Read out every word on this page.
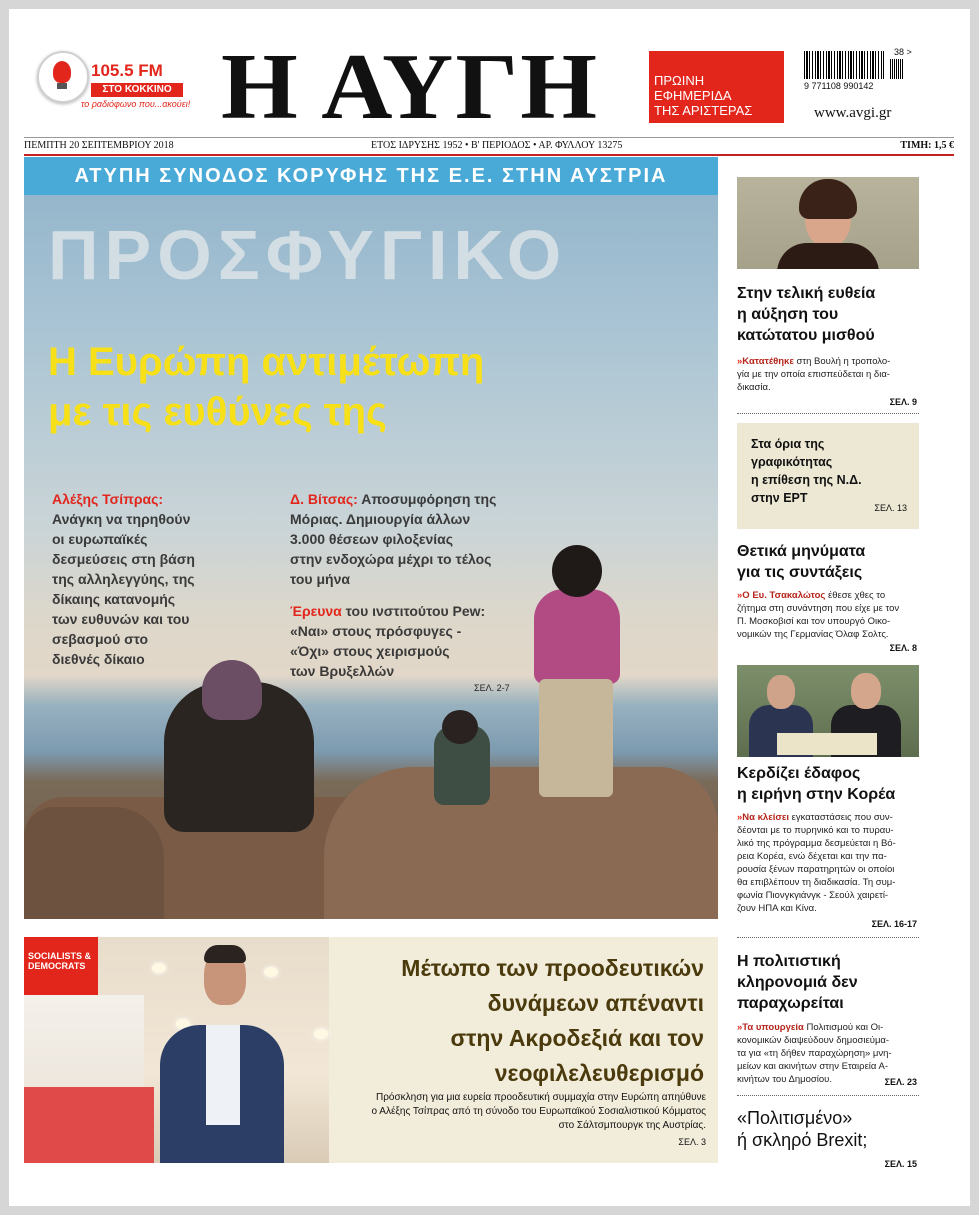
105.5 FM
ΣΤΟ ΚΟΚΚΙΝΟ
το ραδιόφωνο που...ακούει! Η ΑΥΓΗ	ΠΡΩΙΝΗ
ΕΦΗΜΕΡΙΔΑ
ΤΗΣ ΑΡΙΣΤΕΡΑΣ
38 >
9 771108 990142
www.avgi.gr
ΠΕΜΠΤΗ 20 ΣΕΠΤΕΜΒΡΙΟΥ 2018	ΕΤΟΣ ΙΔΡΥΣΗΣ 1952 • Β' ΠΕΡΙΟΔΟΣ • ΑΡ. ΦΥΛΛΟΥ 13275	ΤΙΜΗ: 1,5 €
ΑΤΥΠΗ ΣΥΝΟΔΟΣ ΚΟΡΥΦΗΣ ΤΗΣ Ε.Ε. ΣΤΗΝ ΑΥΣΤΡΙΑ
ΠΡΟΣΦΥΓΙΚΟ
Η Ευρώπη αντιμέτωπη
με τις ευθύνες της
Αλέξης Τσίπρας:
Ανάγκη να τηρηθούν
οι ευρωπαϊκές
δεσμεύσεις στη βάση
της αλληλεγγύης, της
δίκαιης κατανομής
των ευθυνών και του
σεβασμού στο
διεθνές δίκαιο
Δ. Βίτσας: Αποσυμφόρηση της
Μόριας. Δημιουργία άλλων
3.000 θέσεων φιλοξενίας
στην ενδοχώρα μέχρι το τέλος
του μήνα
Έρευνα του ινστιτούτου Pew:
«Ναι» στους πρόσφυγες -
«Όχι» στους χειρισμούς
των Βρυξελλών
ΣΕΛ. 2-7
SOCIALISTS &
DEMOCRATS	Μέτωπο των προοδευτικών
δυνάμεων απέναντι
στην Ακροδεξιά και τον
νεοφιλελευθερισμό
Πρόσκληση για μια ευρεία προοδευτική συμμαχία στην Ευρώπη απηύθυνε
ο Αλέξης Τσίπρας από τη σύνοδο του Ευρωπαϊκού Σοσιαλιστικού Κόμματος
στο Σάλτσμπουργκ της Αυστρίας.
ΣΕΛ. 3
Στην τελική ευθεία
η αύξηση του
κατώτατου μισθού
»Κατατέθηκε στη Βουλή η τροπολο-
γία με την οποία επισπεύδεται η δια-
δικασία.
ΣΕΛ. 9
Στα όρια της
γραφικότητας
η επίθεση της Ν.Δ.
στην ΕΡΤ
ΣΕΛ. 13
Θετικά μηνύματα
για τις συντάξεις
»Ο Ευ. Τσακαλώτος έθεσε χθες το
ζήτημα στη συνάντηση που είχε με τον
Π. Μοσκοβισί και τον υπουργό Οικο-
νομικών της Γερμανίας Όλαφ Σολτς.
ΣΕΛ. 8
Κερδίζει έδαφος
η ειρήνη στην Κορέα
»Να κλείσει εγκαταστάσεις που συν-
δέονται με το πυρηνικό και το πυραυ-
λικό της πρόγραμμα δεσμεύεται η Βό-
ρεια Κορέα, ενώ δέχεται και την πα-
ρουσία ξένων παρατηρητών οι οποίοι
θα επιβλέπουν τη διαδικασία. Τη συμ-
φωνία Πιονγκγιάνγκ - Σεούλ χαιρετί-
ζουν ΗΠΑ και Κίνα.
ΣΕΛ. 16-17
Η πολιτιστική
κληρονομιά δεν
παραχωρείται
»Τα υπουργεία Πολιτισμού και Οι-
κονομικών διαψεύδουν δημοσιεύμα-
τα για «τη δήθεν παραχώρηση» μνη-
μείων και ακινήτων στην Εταιρεία Α-
κινήτων του Δημοσίου.	ΣΕΛ. 23
«Πολιτισμένο»
ή σκληρό Brexit;
ΣΕΛ. 15
